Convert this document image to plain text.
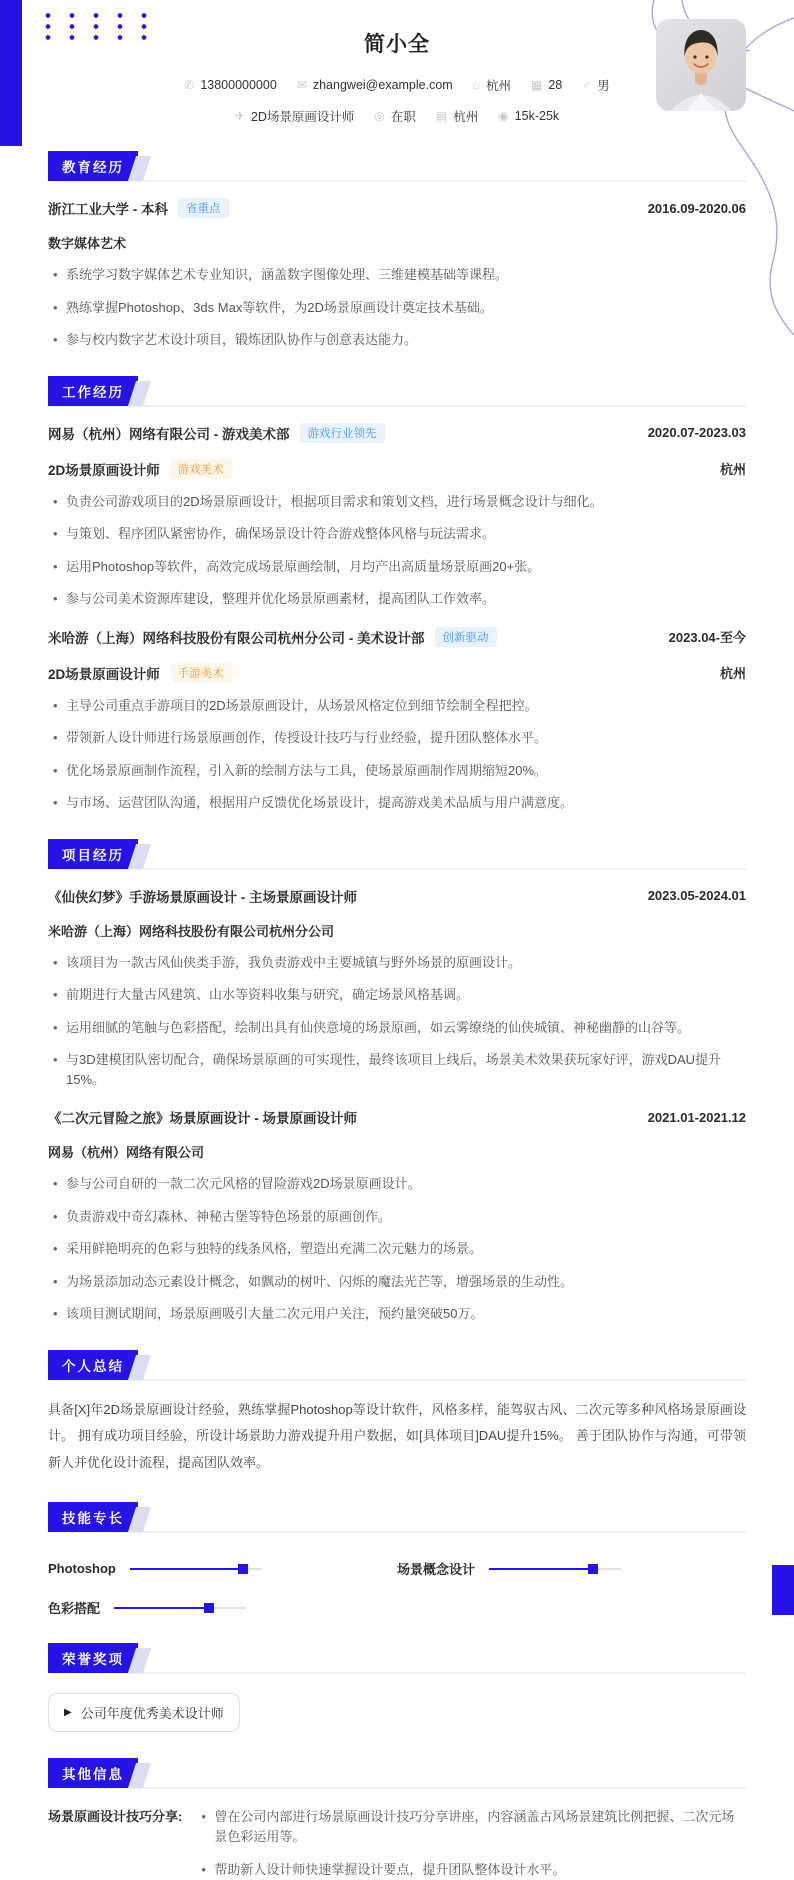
简小全
✆ 13800000000 ✉ zhangwei@example.com ⌂ 杭州 ▦ 28 ♂ 男
✈ 2D场景原画设计师 ◎ 在职 ▤ 杭州 ◉ 15k-25k
教育经历
浙江工业大学 - 本科	省重点	2016.09-2020.06
数字媒体艺术
• 系统学习数字媒体艺术专业知识，涵盖数字图像处理、三维建模基础等课程。
• 熟练掌握Photoshop、3ds Max等软件，为2D场景原画设计奠定技术基础。
• 参与校内数字艺术设计项目，锻炼团队协作与创意表达能力。
工作经历
网易（杭州）网络有限公司 - 游戏美术部	游戏行业领先	2020.07-2023.03
2D场景原画设计师	游戏美术	杭州
• 负责公司游戏项目的2D场景原画设计，根据项目需求和策划文档，进行场景概念设计与细化。
• 与策划、程序团队紧密协作，确保场景设计符合游戏整体风格与玩法需求。
• 运用Photoshop等软件，高效完成场景原画绘制，月均产出高质量场景原画20+张。
• 参与公司美术资源库建设，整理并优化场景原画素材，提高团队工作效率。
米哈游（上海）网络科技股份有限公司杭州分公司 - 美术设计部	创新驱动	2023.04-至今
2D场景原画设计师	手游美术	杭州
• 主导公司重点手游项目的2D场景原画设计，从场景风格定位到细节绘制全程把控。
• 带领新人设计师进行场景原画创作，传授设计技巧与行业经验，提升团队整体水平。
• 优化场景原画制作流程，引入新的绘制方法与工具，使场景原画制作周期缩短20%。
• 与市场、运营团队沟通，根据用户反馈优化场景设计，提高游戏美术品质与用户满意度。
项目经历
《仙侠幻梦》手游场景原画设计 - 主场景原画设计师	2023.05-2024.01
米哈游（上海）网络科技股份有限公司杭州分公司
• 该项目为一款古风仙侠类手游，我负责游戏中主要城镇与野外场景的原画设计。
• 前期进行大量古风建筑、山水等资料收集与研究，确定场景风格基调。
• 运用细腻的笔触与色彩搭配，绘制出具有仙侠意境的场景原画，如云雾缭绕的仙侠城镇、神秘幽静的山谷等。
• 与3D建模团队密切配合，确保场景原画的可实现性，最终该项目上线后，场景美术效果获玩家好评，游戏DAU提升15%。
《二次元冒险之旅》场景原画设计 - 场景原画设计师	2021.01-2021.12
网易（杭州）网络有限公司
• 参与公司自研的一款二次元风格的冒险游戏2D场景原画设计。
• 负责游戏中奇幻森林、神秘古堡等特色场景的原画创作。
• 采用鲜艳明亮的色彩与独特的线条风格，塑造出充满二次元魅力的场景。
• 为场景添加动态元素设计概念，如飘动的树叶、闪烁的魔法光芒等，增强场景的生动性。
• 该项目测试期间，场景原画吸引大量二次元用户关注，预约量突破50万。
个人总结

具备[X]年2D场景原画设计经验，熟练掌握Photoshop等设计软件，风格多样，能驾驭古风、二次元等多种风格场景原画设计。 拥有成功项目经验，所设计场景助力游戏提升用户数据，如[具体项目]DAU提升15%。 善于团队协作与沟通，可带领新人并优化设计流程，提高团队效率。

技能专长
Photoshop	场景概念设计
色彩搭配
荣誉奖项
▶ 公司年度优秀美术设计师
其他信息
场景原画设计技巧分享:	• 曾在公司内部进行场景原画设计技巧分享讲座，内容涵盖古风场景建筑比例把握、二次元场景色彩运用等。
• 帮助新人设计师快速掌握设计要点，提升团队整体设计水平。
